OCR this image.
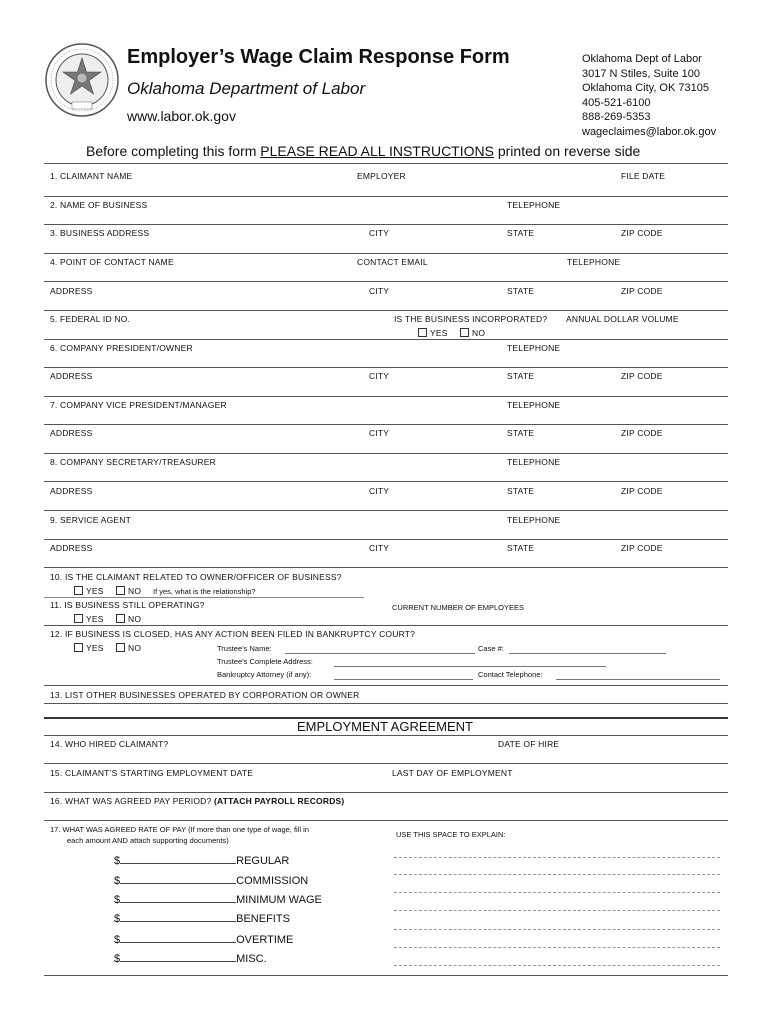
Employer’s Wage Claim Response Form
Oklahoma Department of Labor
www.labor.ok.gov
Oklahoma Dept of Labor
3017 N Stiles, Suite 100
Oklahoma City, OK 73105
405-521-6100
888-269-5353
wageclaimes@labor.ok.gov
Before completing this form PLEASE READ ALL INSTRUCTIONS printed on reverse side
1. CLAIMANT NAME	EMPLOYER	FILE DATE
2. NAME OF BUSINESS	TELEPHONE
3. BUSINESS ADDRESS	CITY	STATE	ZIP CODE
4. POINT OF CONTACT NAME	CONTACT EMAIL	TELEPHONE
ADDRESS	CITY	STATE	ZIP CODE
5. FEDERAL ID NO.	IS THE BUSINESS INCORPORATED? ANNUAL DOLLAR VOLUME
YES	NO
6. COMPANY PRESIDENT/OWNER	TELEPHONE
ADDRESS	CITY	STATE	ZIP CODE
7. COMPANY VICE PRESIDENT/MANAGER	TELEPHONE
ADDRESS	CITY	STATE	ZIP CODE
8. COMPANY SECRETARY/TREASURER	TELEPHONE
ADDRESS	CITY	STATE	ZIP CODE
9. SERVICE AGENT	TELEPHONE
ADDRESS	CITY	STATE	ZIP CODE
10. IS THE CLAIMANT RELATED TO OWNER/OFFICER OF BUSINESS?
YES	NO If yes, what is the relationship?
11. IS BUSINESS STILL OPERATING?	CURRENT NUMBER OF EMPLOYEES
YES	NO
12. IF BUSINESS IS CLOSED, HAS ANY ACTION BEEN FILED IN BANKRUPTCY COURT?
YES	NO	Trustee’s Name:	Case #:
Trustee’s Complete Address:
Bankruptcy Attorney (if any):	Contact Telephone:
13. LIST OTHER BUSINESSES OPERATED BY CORPORATION OR OWNER
EMPLOYMENT AGREEMENT
14. WHO HIRED CLAIMANT?	DATE OF HIRE
15. CLAIMANT’S STARTING EMPLOYMENT DATE	LAST DAY OF EMPLOYMENT
16. WHAT WAS AGREED PAY PERIOD? (ATTACH PAYROLL RECORDS)
17. WHAT WAS AGREED RATE OF PAY (If more than one type of wage, fill in
each amount AND attach supporting documents)
USE THIS SPACE TO EXPLAIN:
$	REGULAR
$	COMMISSION
$	MINIMUM WAGE
$	BENEFITS
$	OVERTIME
$	MISC.
